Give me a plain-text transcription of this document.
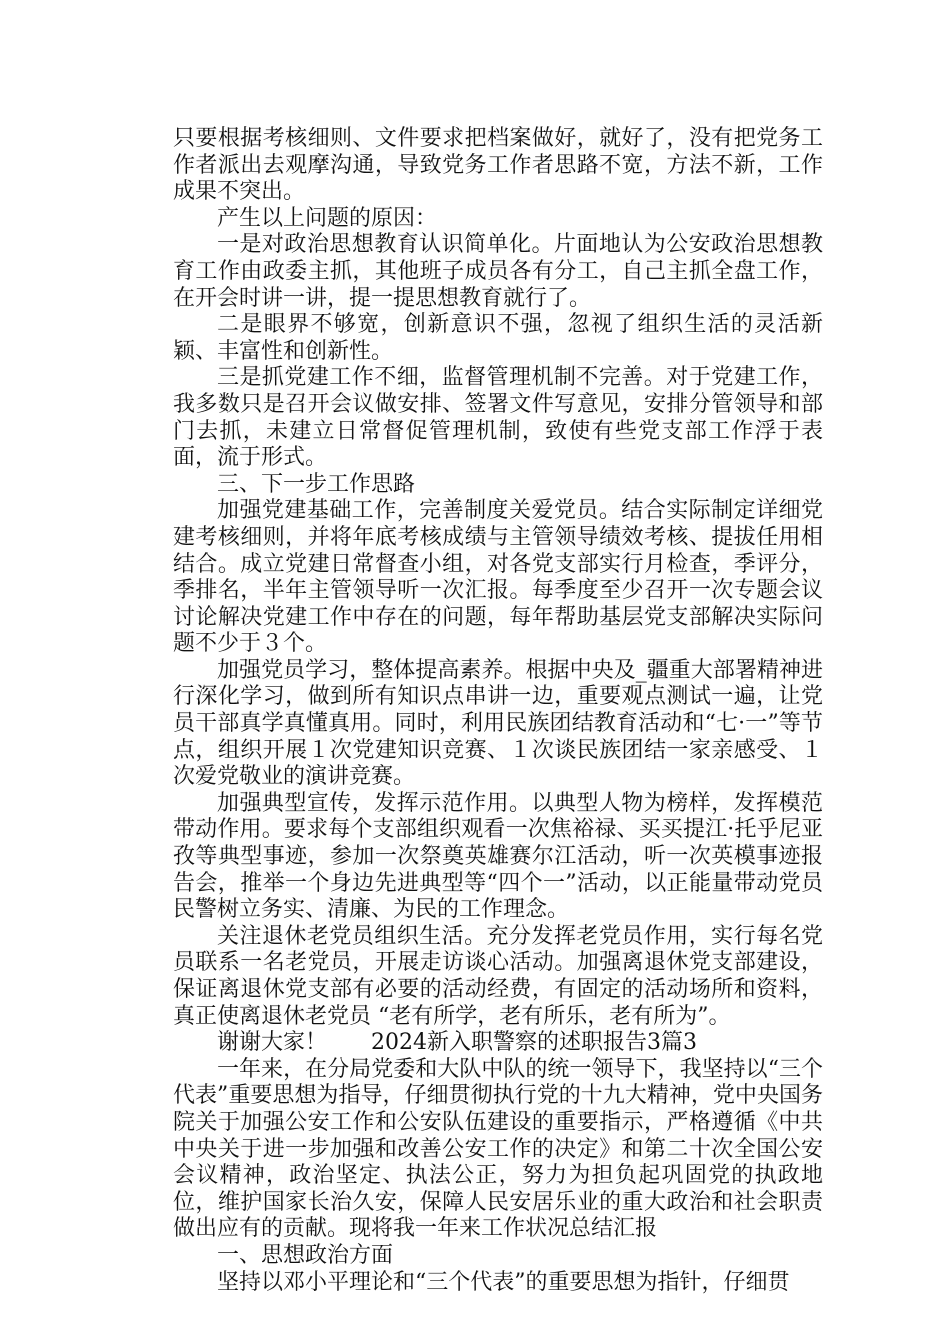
只要根据考核细则、文件要求把档案做好，就好了，没有把党务工作者派出去观摩沟通，导致党务工作者思路不宽，方法不新，工作成果不突出。

产生以上问题的原因：

一是对政治思想教育认识简单化。片面地认为公安政治思想教育工作由政委主抓，其他班子成员各有分工，自己主抓全盘工作，在开会时讲一讲，提一提思想教育就行了。

二是眼界不够宽，创新意识不强，忽视了组织生活的灵活新颖、丰富性和创新性。

三是抓党建工作不细，监督管理机制不完善。对于党建工作，我多数只是召开会议做安排、签署文件写意见，安排分管领导和部门去抓，未建立日常督促管理机制，致使有些党支部工作浮于表面，流于形式。

三、下一步工作思路

加强党建基础工作，完善制度关爱党员。结合实际制定详细党建考核细则，并将年底考核成绩与主管领导绩效考核、提拔任用相结合。成立党建日常督查小组，对各党支部实行月检查，季评分，季排名，半年主管领导听一次汇报。每季度至少召开一次专题会议讨论解决党建工作中存在的问题，每年帮助基层党支部解决实际问题不少于３个。

加强党员学习，整体提高素养。根据中央及_疆重大部署精神进行深化学习，做到所有知识点串讲一边，重要观点测试一遍，让党员干部真学真懂真用。同时，利用民族团结教育活动和“七·一”等节点，组织开展１次党建知识竞赛、１次谈民族团结一家亲感受、１次爱党敬业的演讲竞赛。

加强典型宣传，发挥示范作用。以典型人物为榜样，发挥模范带动作用。要求每个支部组织观看一次焦裕禄、买买提江·托乎尼亚孜等典型事迹，参加一次祭奠英雄赛尔江活动，听一次英模事迹报告会，推举一个身边先进典型等“四个一”活动，以正能量带动党员民警树立务实、清廉、为民的工作理念。

关注退休老党员组织生活。充分发挥老党员作用，实行每名党员联系一名老党员，开展走访谈心活动。加强离退休党支部建设，保证离退休党支部有必要的活动经费，有固定的活动场所和资料，真正使离退休老党员 “老有所学，老有所乐，老有所为”。

谢谢大家！　　2024新入职警察的述职报告3篇3

一年来，在分局党委和大队中队的统一领导下，我坚持以“三个代表”重要思想为指导，仔细贯彻执行党的十九大精神，党中央国务院关于加强公安工作和公安队伍建设的重要指示，严格遵循《中共中央关于进一步加强和改善公安工作的决定》和第二十次全国公安会议精神，政治坚定、执法公正，努力为担负起巩固党的执政地位，维护国家长治久安，保障人民安居乐业的重大政治和社会职责做出应有的贡献。现将我一年来工作状况总结汇报

一、思想政治方面

坚持以邓小平理论和“三个代表”的重要思想为指针，仔细贯
